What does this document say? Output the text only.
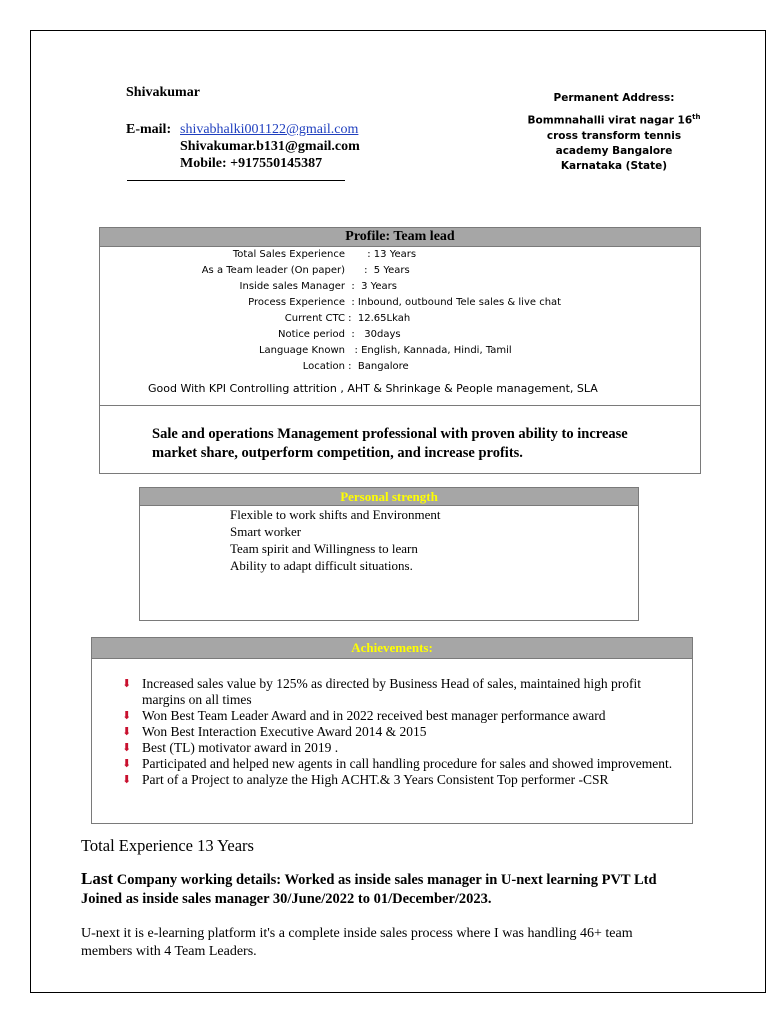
Shivakumar
E-mail: shivabhalki001122@gmail.com
Shivakumar.b131@gmail.com
Mobile: +917550145387
Permanent Address:
Bommnahalli virat nagar 16th
cross transform tennis
academy Bangalore
Karnataka (State)
Profile: Team lead
Total Sales Experience : 13 Years
As a Team leader (On paper) :  5 Years
Inside sales Manager :  3 Years
Process Experience : Inbound, outbound Tele sales & live chat
Current CTC :  12.65Lkah
Notice period :   30days
Language Known : English, Kannada, Hindi, Tamil
Location :  Bangalore
Good With KPI Controlling attrition , AHT & Shrinkage & People management, SLA
Sale and operations Management professional with proven ability to increase market share, outperform competition, and increase profits.
Personal strength
Flexible to work shifts and Environment
Smart worker
Team spirit and Willingness to learn
Ability to adapt difficult situations.
Achievements:
⬇ Increased sales value by 125% as directed by Business Head of sales, maintained high profit margins on all times
⬇ Won Best Team Leader Award and in 2022 received best manager performance award
⬇ Won Best Interaction Executive Award 2014 & 2015
⬇ Best (TL) motivator award in 2019 .
⬇ Participated and helped new agents in call handling procedure for sales and showed improvement.
⬇ Part of a Project to analyze the High ACHT.& 3 Years Consistent Top performer -CSR
Total Experience 13 Years
Last Company working details: Worked as inside sales manager in U-next learning PVT Ltd Joined as inside sales manager 30/June/2022 to 01/December/2023.
U-next it is e-learning platform it's a complete inside sales process where I was handling 46+ team members with 4 Team Leaders.
